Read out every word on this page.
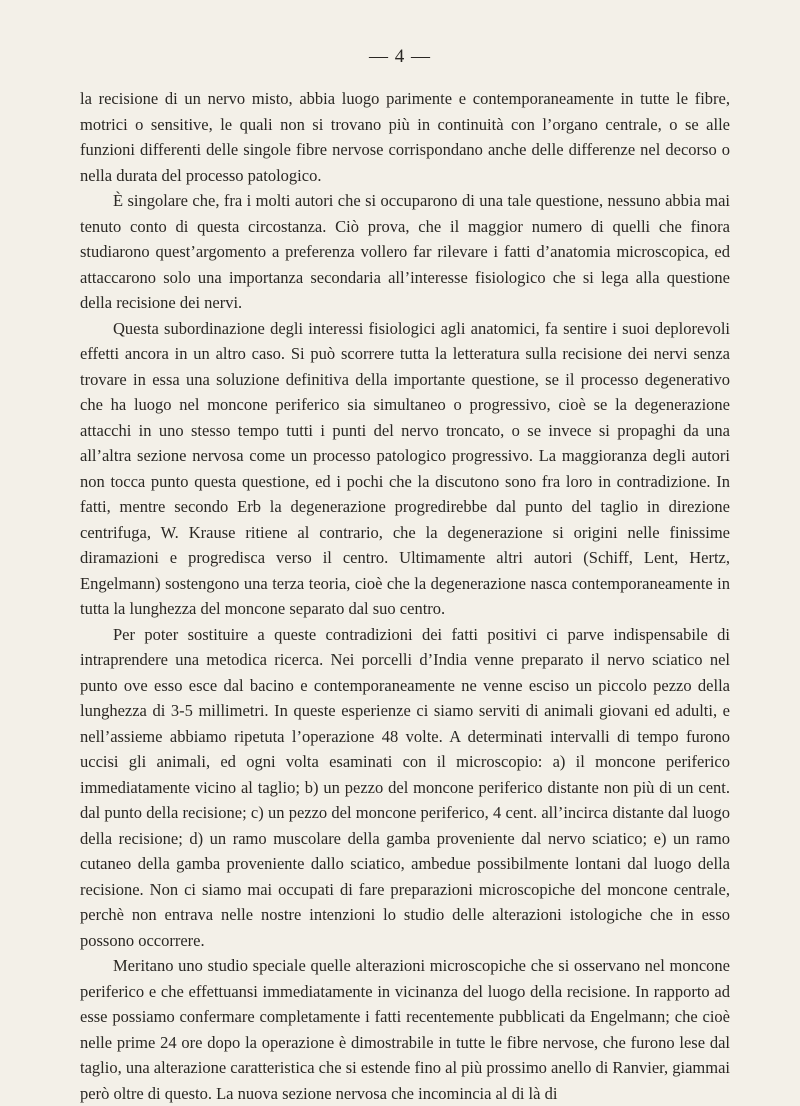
— 4 —

la recisione di un nervo misto, abbia luogo parimente e contemporaneamente in tutte le fibre, motrici o sensitive, le quali non si trovano più in continuità con l’organo centrale, o se alle funzioni differenti delle singole fibre nervose corrispondano anche delle differenze nel decorso o nella durata del processo patologico.

È singolare che, fra i molti autori che si occuparono di una tale questione, nessuno abbia mai tenuto conto di questa circostanza. Ciò prova, che il maggior numero di quelli che finora studiarono quest’argomento a preferenza vollero far rilevare i fatti d’anatomia microscopica, ed attaccarono solo una importanza secondaria all’interesse fisiologico che si lega alla questione della recisione dei nervi.

Questa subordinazione degli interessi fisiologici agli anatomici, fa sentire i suoi deplorevoli effetti ancora in un altro caso. Si può scorrere tutta la letteratura sulla recisione dei nervi senza trovare in essa una soluzione definitiva della importante questione, se il processo degenerativo che ha luogo nel moncone periferico sia simultaneo o progressivo, cioè se la degenerazione attacchi in uno stesso tempo tutti i punti del nervo troncato, o se invece si propaghi da una all’altra sezione nervosa come un processo patologico progressivo. La maggioranza degli autori non tocca punto questa questione, ed i pochi che la discutono sono fra loro in contradizione. In fatti, mentre secondo Erb la degenerazione progredirebbe dal punto del taglio in direzione centrifuga, W. Krause ritiene al contrario, che la degenerazione si origini nelle finissime diramazioni e progredisca verso il centro. Ultimamente altri autori (Schiff, Lent, Hertz, Engelmann) sostengono una terza teoria, cioè che la degenerazione nasca contemporaneamente in tutta la lunghezza del moncone separato dal suo centro.

Per poter sostituire a queste contradizioni dei fatti positivi ci parve indispensabile di intraprendere una metodica ricerca. Nei porcelli d’India venne preparato il nervo sciatico nel punto ove esso esce dal bacino e contemporaneamente ne venne esciso un piccolo pezzo della lunghezza di 3-5 millimetri. In queste esperienze ci siamo serviti di animali giovani ed adulti, e nell’assieme abbiamo ripetuta l’operazione 48 volte. A determinati intervalli di tempo furono uccisi gli animali, ed ogni volta esaminati con il microscopio: a) il moncone periferico immediatamente vicino al taglio; b) un pezzo del moncone periferico distante non più di un cent. dal punto della recisione; c) un pezzo del moncone periferico, 4 cent. all’incirca distante dal luogo della recisione; d) un ramo muscolare della gamba proveniente dal nervo sciatico; e) un ramo cutaneo della gamba proveniente dallo sciatico, ambedue possibilmente lontani dal luogo della recisione. Non ci siamo mai occupati di fare preparazioni microscopiche del moncone centrale, perchè non entrava nelle nostre intenzioni lo studio delle alterazioni istologiche che in esso possono occorrere.

Meritano uno studio speciale quelle alterazioni microscopiche che si osservano nel moncone periferico e che effettuansi immediatamente in vicinanza del luogo della recisione. In rapporto ad esse possiamo confermare completamente i fatti recentemente pubblicati da Engelmann; che cioè nelle prime 24 ore dopo la operazione è dimostrabile in tutte le fibre nervose, che furono lese dal taglio, una alterazione caratteristica che si estende fino al più prossimo anello di Ranvier, giammai però oltre di questo. La nuova sezione nervosa che incomincia al di là di
